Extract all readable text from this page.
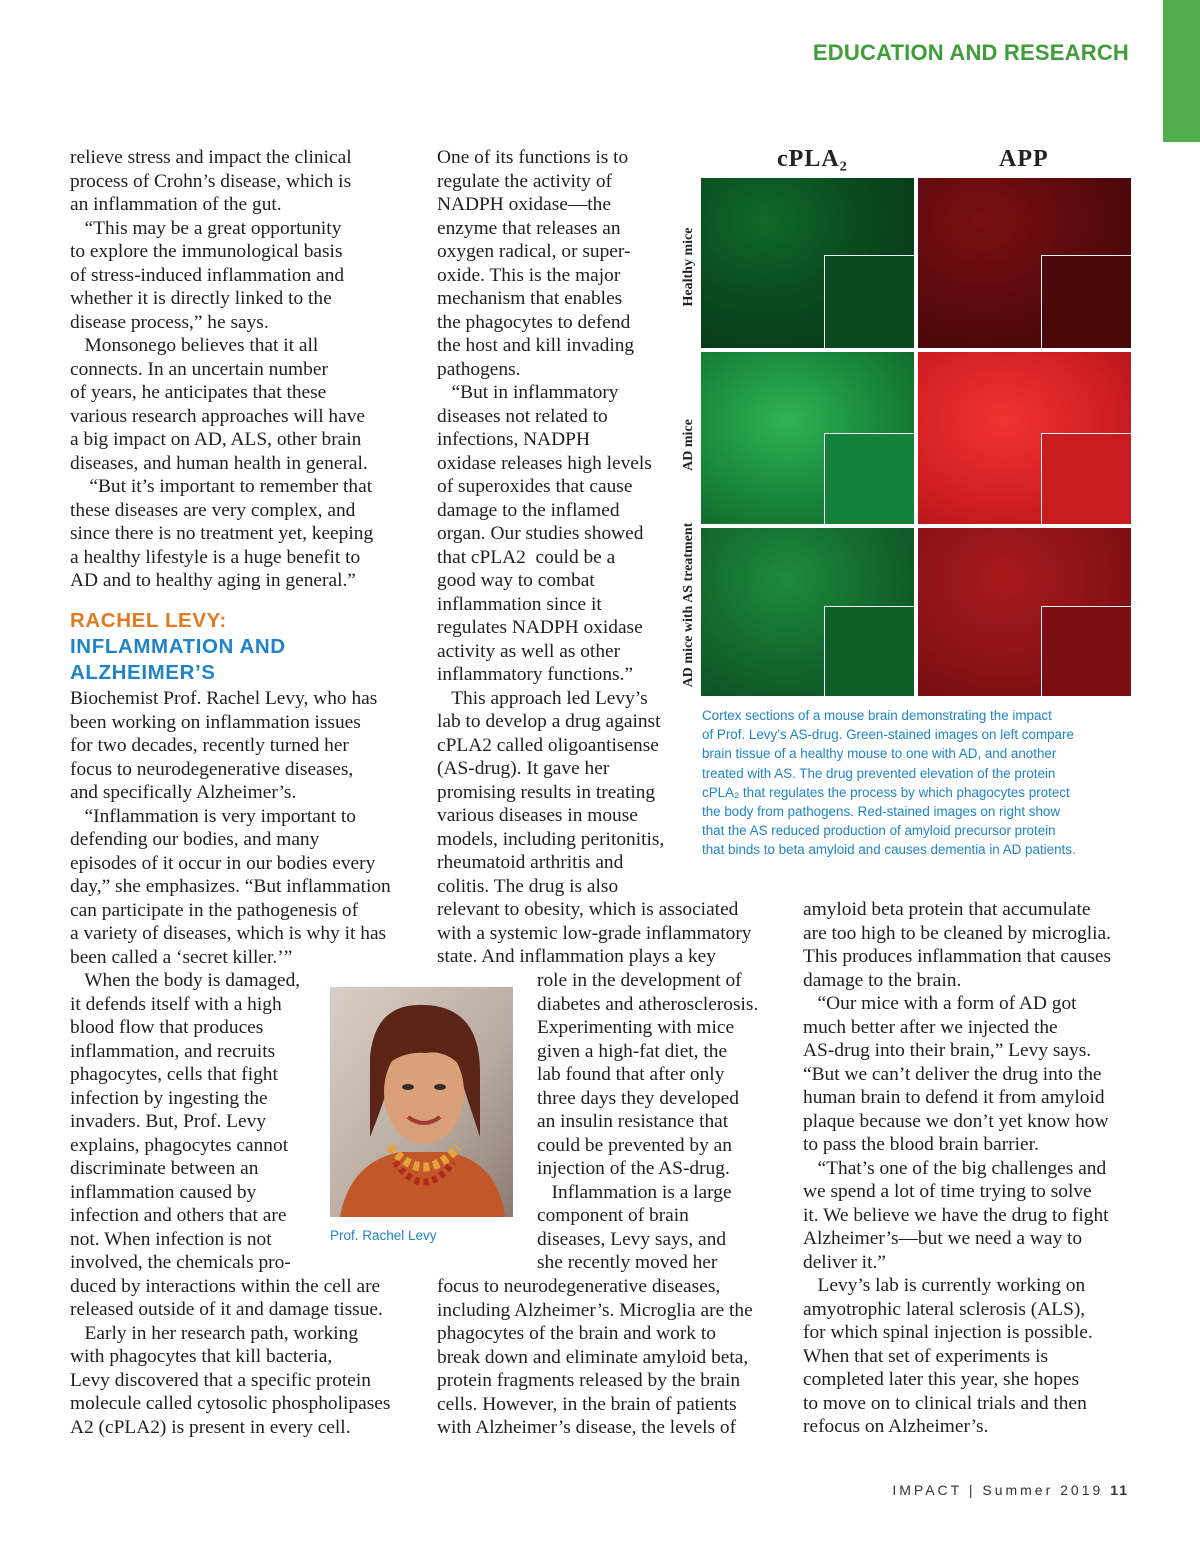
EDUCATION AND RESEARCH
relieve stress and impact the clinical
process of Crohn’s disease, which is
an inflammation of the gut.
“This may be a great opportunity
to explore the immunological basis
of stress-induced inflammation and
whether it is directly linked to the
disease process,” he says.
Monsonego believes that it all
connects. In an uncertain number
of years, he anticipates that these
various research approaches will have
a big impact on AD, ALS, other brain
diseases, and human health in general.
“But it’s important to remember that
these diseases are very complex, and
since there is no treatment yet, keeping
a healthy lifestyle is a huge benefit to
AD and to healthy aging in general.”
RACHEL LEVY:
INFLAMMATION AND
ALZHEIMER’S
Biochemist Prof. Rachel Levy, who has
been working on inflammation issues
for two decades, recently turned her
focus to neurodegenerative diseases,
and specifically Alzheimer’s.
“Inflammation is very important to
defending our bodies, and many
episodes of it occur in our bodies every
day,” she emphasizes. “But inflammation
can participate in the pathogenesis of
a variety of diseases, which is why it has
been called a ‘secret killer.’”
When the body is damaged,
it defends itself with a high
blood flow that produces
inflammation, and recruits
phagocytes, cells that fight
infection by ingesting the
invaders. But, Prof. Levy
explains, phagocytes cannot
discriminate between an
inflammation caused by
infection and others that are
not. When infection is not
involved, the chemicals pro-
duced by interactions within the cell are
released outside of it and damage tissue.
Early in her research path, working
with phagocytes that kill bacteria,
Levy discovered that a specific protein
molecule called cytosolic phospholipases
A2 (cPLA2) is present in every cell.
One of its functions is to
regulate the activity of
NADPH oxidase—the
enzyme that releases an
oxygen radical, or super-
oxide. This is the major
mechanism that enables
the phagocytes to defend
the host and kill invading
pathogens.
“But in inflammatory
diseases not related to
infections, NADPH
oxidase releases high levels
of superoxides that cause
damage to the inflamed
organ. Our studies showed
that cPLA2  could be a
good way to combat
inflammation since it
regulates NADPH oxidase
activity as well as other
inflammatory functions.”
This approach led Levy’s
lab to develop a drug against
cPLA2 called oligoantisense
(AS-drug). It gave her
promising results in treating
various diseases in mouse
models, including peritonitis,
rheumatoid arthritis and
colitis. The drug is also
relevant to obesity, which is associated
with a systemic low-grade inflammatory
state. And inflammation plays a key
role in the development of
diabetes and atherosclerosis.
Experimenting with mice
given a high-fat diet, the
lab found that after only
three days they developed
an insulin resistance that
could be prevented by an
injection of the AS-drug.
Inflammation is a large
component of brain
diseases, Levy says, and
she recently moved her
focus to neurodegenerative diseases,
including Alzheimer’s. Microglia are the
phagocytes of the brain and work to
break down and eliminate amyloid beta,
protein fragments released by the brain
cells. However, in the brain of patients
with Alzheimer’s disease, the levels of
amyloid beta protein that accumulate
are too high to be cleaned by microglia.
This produces inflammation that causes
damage to the brain.
“Our mice with a form of AD got
much better after we injected the
AS-drug into their brain,” Levy says.
“But we can’t deliver the drug into the
human brain to defend it from amyloid
plaque because we don’t yet know how
to pass the blood brain barrier.
“That’s one of the big challenges and
we spend a lot of time trying to solve
it. We believe we have the drug to fight
Alzheimer’s—but we need a way to
deliver it.”
Levy’s lab is currently working on
amyotrophic lateral sclerosis (ALS),
for which spinal injection is possible.
When that set of experiments is
completed later this year, she hopes
to move on to clinical trials and then
refocus on Alzheimer’s.
cPLA₂	APP
Healthy mice
AD mice
AD mice with AS treatment
Cortex sections of a mouse brain demonstrating the impact
of Prof. Levy’s AS-drug. Green-stained images on left compare
brain tissue of a healthy mouse to one with AD, and another
treated with AS. The drug prevented elevation of the protein
cPLA₂ that regulates the process by which phagocytes protect
the body from pathogens. Red-stained images on right show
that the AS reduced production of amyloid precursor protein
that binds to beta amyloid and causes dementia in AD patients.
Prof. Rachel Levy
IMPACT | Summer 2019 11
